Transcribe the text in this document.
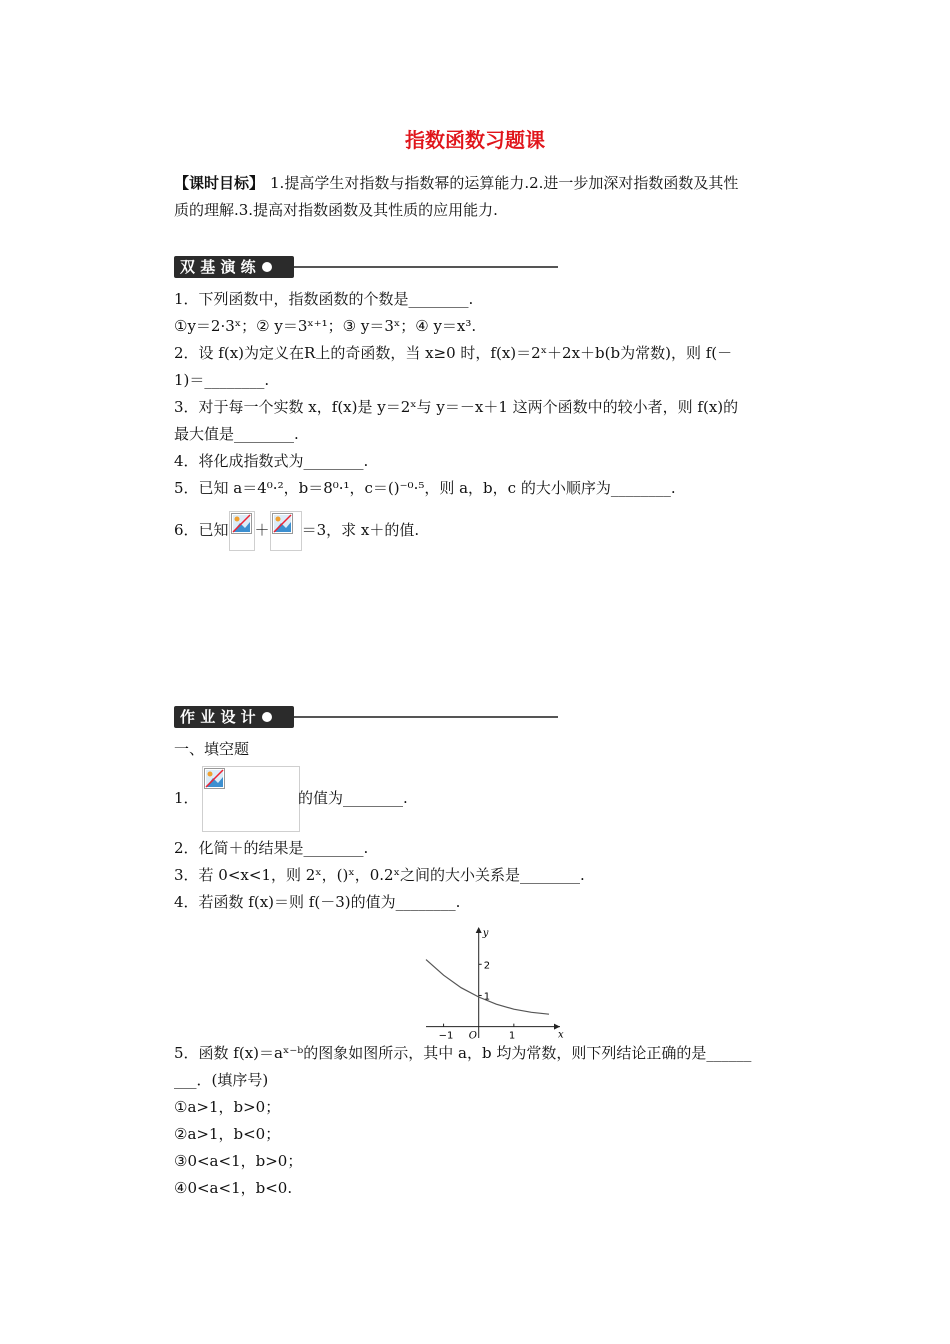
指数函数习题课
【课时目标】 1.提高学生对指数与指数幂的运算能力.2.进一步加深对指数函数及其性
质的理解.3.提高对指数函数及其性质的应用能力.
双 基 演 练
1．下列函数中，指数函数的个数是________.
①y＝2·3ˣ；② y＝3ˣ⁺¹；③ y＝3ˣ；④ y＝x³.
2．设 f(x)为定义在R上的奇函数，当 x≥0 时，f(x)＝2ˣ＋2x＋b(b为常数)，则 f(－
1)＝________.
3．对于每一个实数 x，f(x)是 y＝2ˣ与 y＝－x＋1 这两个函数中的较小者，则 f(x)的
最大值是________.
4．将化成指数式为________.
5．已知 a＝4⁰·²，b＝8⁰·¹，c＝()⁻⁰·⁵，则 a，b，c 的大小顺序为________.
6．已知 ＋ ＝3，求 x＋的值.
作 业 设 计
一、填空题
1．	的值为________.
2．化简＋的结果是________.
3．若 0<x<1，则 2ˣ，()ˣ，0.2ˣ之间的大小关系是________.
4．若函数 f(x)＝则 f(－3)的值为________.
x
y
O
−1	1
1
2
5．函数 f(x)＝aˣ⁻ᵇ的图象如图所示，其中 a，b 均为常数，则下列结论正确的是______
___．(填序号)
①a>1，b>0；
②a>1，b<0；
③0<a<1，b>0；
④0<a<1，b<0.
